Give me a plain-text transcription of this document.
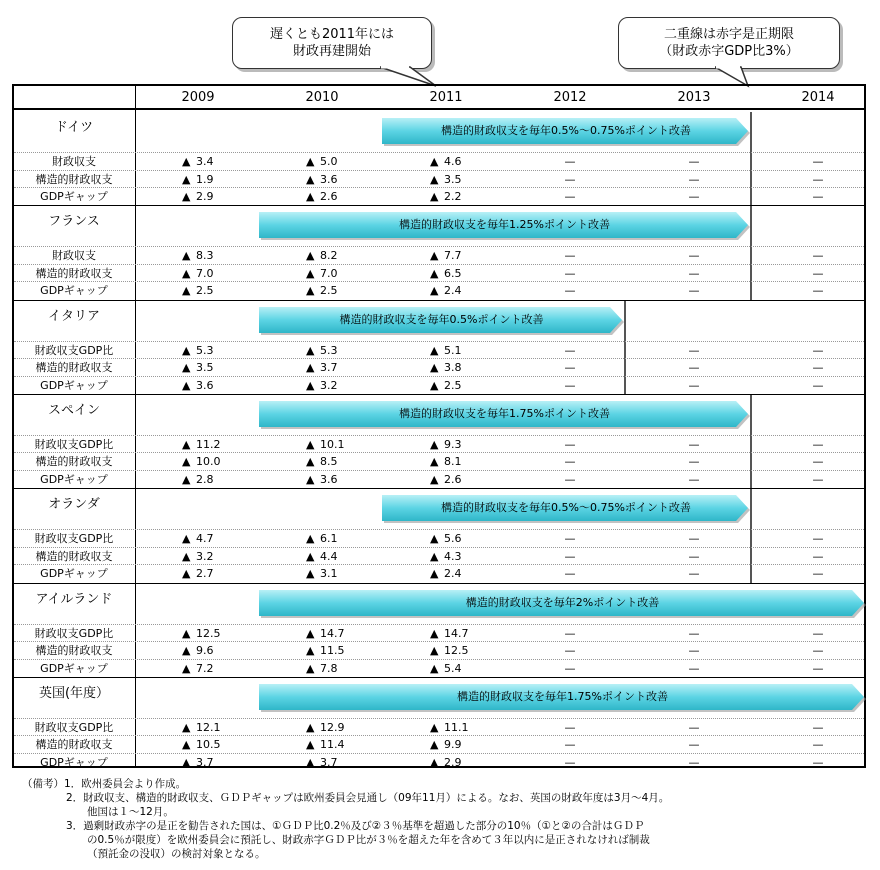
遅くとも2011年には
財政再建開始
二重線は赤字是正期限
（財政赤字GDP比3%）
2009	2010	2011	2012	2013	2014
ドイツ	構造的財政収支を毎年0.5%～0.75%ポイント改善
財政収支	▲ 3.4	▲ 5.0	▲ 4.6	—	—	—
構造的財政収支	▲ 1.9	▲ 3.6	▲ 3.5	—	—	—
GDPギャップ	▲ 2.9	▲ 2.6	▲ 2.2	—	—	—
フランス	構造的財政収支を毎年1.25%ポイント改善
財政収支	▲ 8.3	▲ 8.2	▲ 7.7	—	—	—
構造的財政収支	▲ 7.0	▲ 7.0	▲ 6.5	—	—	—
GDPギャップ	▲ 2.5	▲ 2.5	▲ 2.4	—	—	—
イタリア	構造的財政収支を毎年0.5%ポイント改善
財政収支GDP比	▲ 5.3	▲ 5.3	▲ 5.1	—	—	—
構造的財政収支	▲ 3.5	▲ 3.7	▲ 3.8	—	—	—
GDPギャップ	▲ 3.6	▲ 3.2	▲ 2.5	—	—	—
スペイン	構造的財政収支を毎年1.75%ポイント改善
財政収支GDP比	▲ 11.2	▲ 10.1	▲ 9.3	—	—	—
構造的財政収支	▲ 10.0	▲ 8.5	▲ 8.1	—	—	—
GDPギャップ	▲ 2.8	▲ 3.6	▲ 2.6	—	—	—
オランダ	構造的財政収支を毎年0.5%～0.75%ポイント改善
財政収支GDP比	▲ 4.7	▲ 6.1	▲ 5.6	—	—	—
構造的財政収支	▲ 3.2	▲ 4.4	▲ 4.3	—	—	—
GDPギャップ	▲ 2.7	▲ 3.1	▲ 2.4	—	—	—
アイルランド	構造的財政収支を毎年2%ポイント改善
財政収支GDP比	▲ 12.5	▲ 14.7	▲ 14.7	—	—	—
構造的財政収支	▲ 9.6	▲ 11.5	▲ 12.5	—	—	—
GDPギャップ	▲ 7.2	▲ 7.8	▲ 5.4	—	—	—
英国(年度）	構造的財政収支を毎年1.75%ポイント改善
財政収支GDP比	▲ 12.1	▲ 12.9	▲ 11.1	—	—	—
構造的財政収支	▲ 10.5	▲ 11.4	▲ 9.9	—	—	—
GDPギャップ	▲ 3.7	▲ 3.7	▲ 2.9	—	—	—
（備考）1．欧州委員会より作成。
2．財政収支、構造的財政収支、ＧＤＰギャップは欧州委員会見通し（09年11月）による。なお、英国の財政年度は3月～4月。
他国は１～12月。
3．過剰財政赤字の是正を勧告された国は、①ＧＤＰ比0.2％及び②３％基準を超過した部分の10％（①と②の合計はＧＤＰ
の0.5％が限度）を欧州委員会に預託し、財政赤字ＧＤＰ比が３％を超えた年を含めて３年以内に是正されなければ制裁
（預託金の没収）の検討対象となる。
